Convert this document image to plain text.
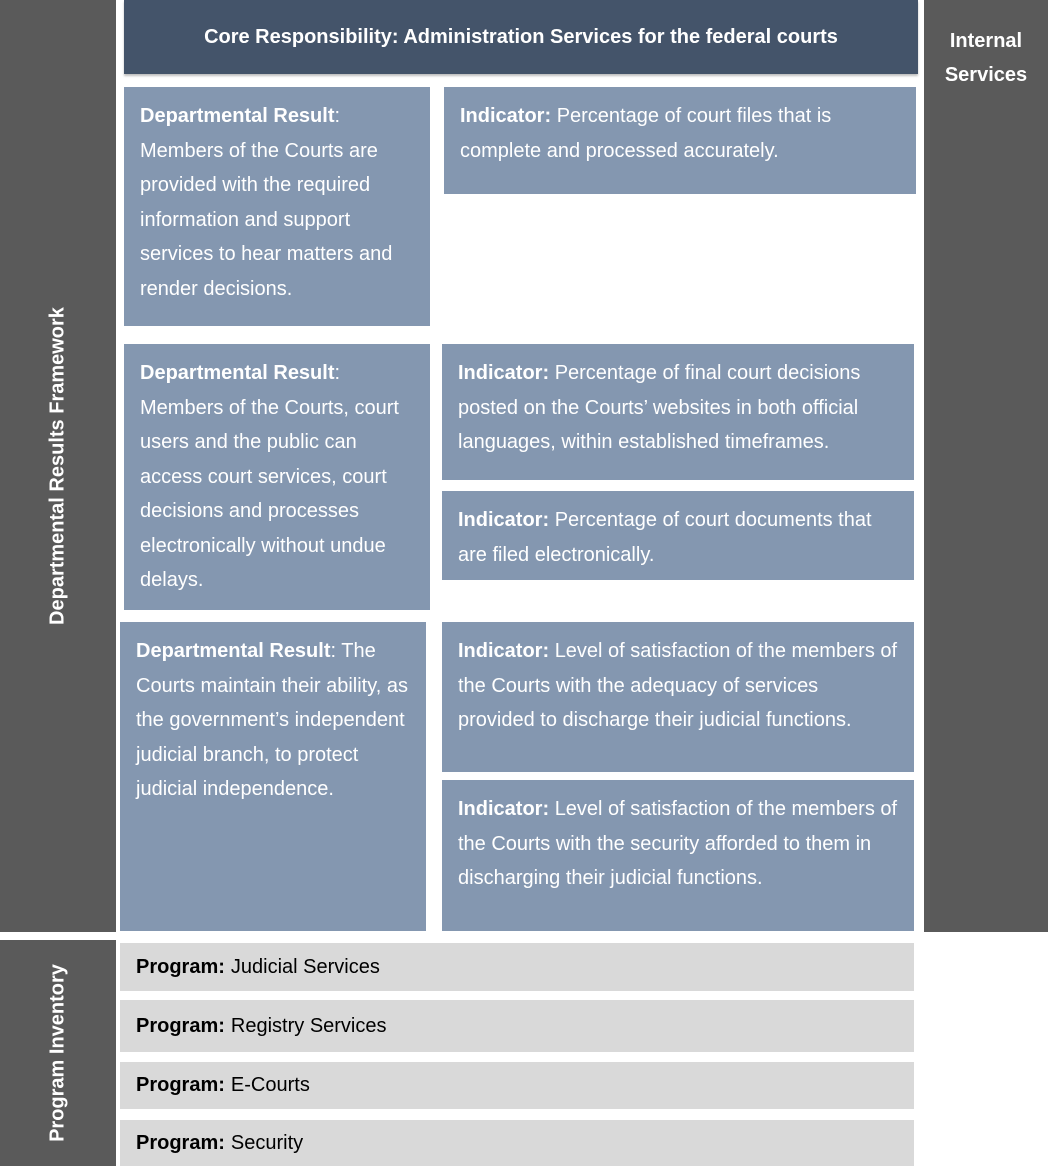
Departmental Results Framework
Program Inventory
Core Responsibility: Administration Services for the federal courts	Internal
Services
Departmental Result: Members of the Courts are provided with the required information and support services to hear matters and render decisions.
Departmental Result: Members of the Courts, court users and the public can access court services, court decisions and processes electronically without undue delays.
Departmental Result: The Courts maintain their ability, as the government’s independent judicial branch, to protect judicial independence.
Indicator: Percentage of court files that is complete and processed accurately.
Indicator: Percentage of final court decisions posted on the Courts’ websites in both official languages, within established timeframes.
Indicator: Percentage of court documents that are filed electronically.
Indicator: Level of satisfaction of the members of the Courts with the adequacy of services provided to discharge their judicial functions.
Indicator: Level of satisfaction of the members of the Courts with the security afforded to them in discharging their judicial functions.
Program: Judicial Services
Program: Registry Services
Program: E-Courts
Program: Security
